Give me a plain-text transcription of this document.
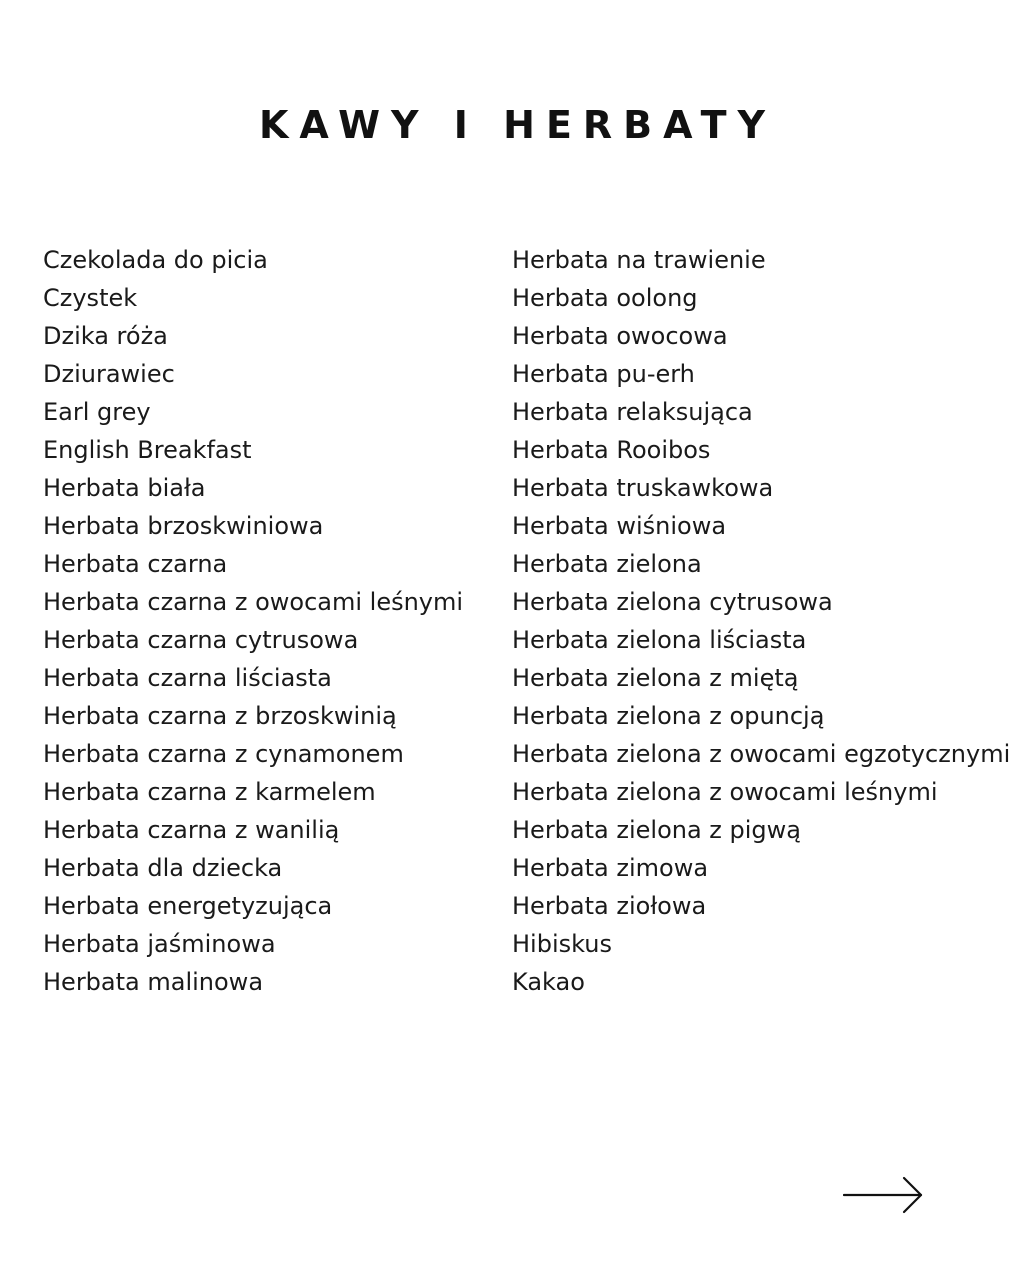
KAWY I HERBATY
Czekolada do picia
Czystek
Dzika róża
Dziurawiec
Earl grey
English Breakfast
Herbata biała
Herbata brzoskwiniowa
Herbata czarna
Herbata czarna z owocami leśnymi
Herbata czarna cytrusowa
Herbata czarna liściasta
Herbata czarna z brzoskwinią
Herbata czarna z cynamonem
Herbata czarna z karmelem
Herbata czarna z wanilią
Herbata dla dziecka
Herbata energetyzująca
Herbata jaśminowa
Herbata malinowa
Herbata na trawienie
Herbata oolong
Herbata owocowa
Herbata pu-erh
Herbata relaksująca
Herbata Rooibos
Herbata truskawkowa
Herbata wiśniowa
Herbata zielona
Herbata zielona cytrusowa
Herbata zielona liściasta
Herbata zielona z miętą
Herbata zielona z opuncją
Herbata zielona z owocami egzotycznymi
Herbata zielona z owocami leśnymi
Herbata zielona z pigwą
Herbata zimowa
Herbata ziołowa
Hibiskus
Kakao
